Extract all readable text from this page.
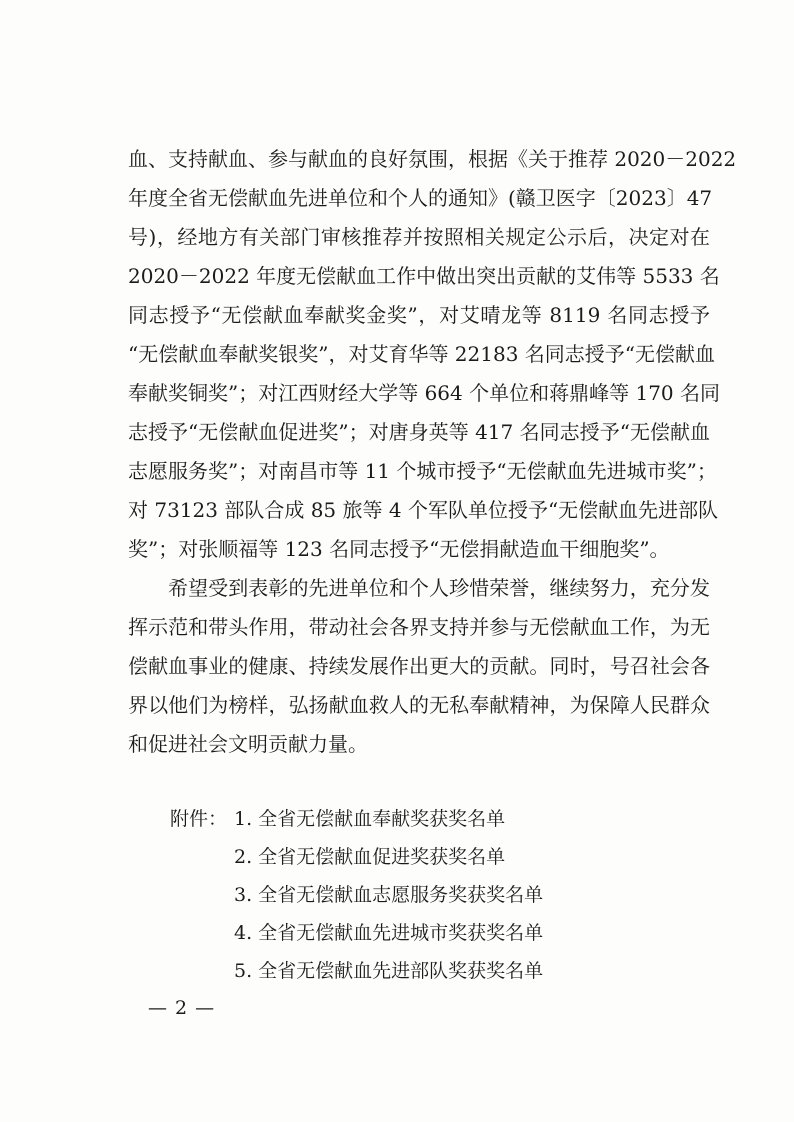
血、支持献血、参与献血的良好氛围，根据《关于推荐 2020－2022
年度全省无偿献血先进单位和个人的通知》(赣卫医字〔2023〕47
号)，经地方有关部门审核推荐并按照相关规定公示后，决定对在
2020－2022 年度无偿献血工作中做出突出贡献的艾伟等 5533 名
同志授予“无偿献血奉献奖金奖”，对艾晴龙等 8119 名同志授予
“无偿献血奉献奖银奖”，对艾育华等 22183 名同志授予“无偿献血
奉献奖铜奖”；对江西财经大学等 664 个单位和蒋鼎峰等 170 名同
志授予“无偿献血促进奖”；对唐身英等 417 名同志授予“无偿献血
志愿服务奖”；对南昌市等 11 个城市授予“无偿献血先进城市奖”；
对 73123 部队合成 85 旅等 4 个军队单位授予“无偿献血先进部队
奖”；对张顺福等 123 名同志授予“无偿捐献造血干细胞奖”。
希望受到表彰的先进单位和个人珍惜荣誉，继续努力，充分发
挥示范和带头作用，带动社会各界支持并参与无偿献血工作，为无
偿献血事业的健康、持续发展作出更大的贡献。同时，号召社会各
界以他们为榜样，弘扬献血救人的无私奉献精神，为保障人民群众
和促进社会文明贡献力量。
附件： 1. 全省无偿献血奉献奖获奖名单
2. 全省无偿献血促进奖获奖名单
3. 全省无偿献血志愿服务奖获奖名单
4. 全省无偿献血先进城市奖获奖名单
5. 全省无偿献血先进部队奖获奖名单
— 2 —
